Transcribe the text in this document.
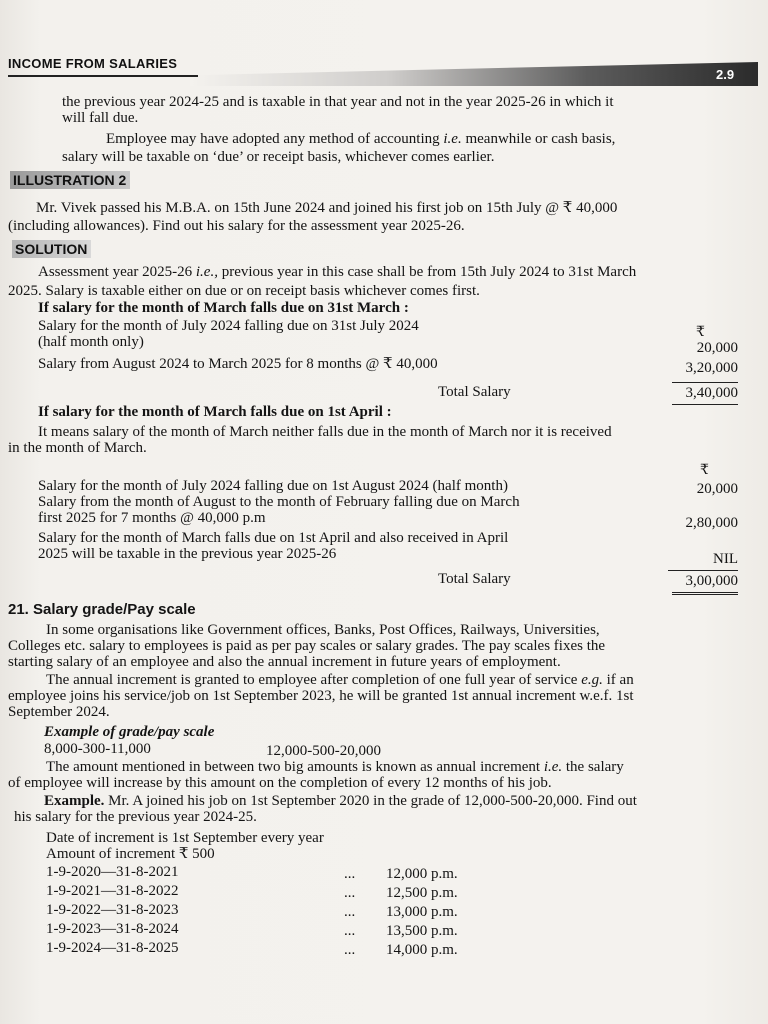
INCOME FROM SALARIES
2.9
the previous year 2024-25 and is taxable in that year and not in the year 2025-26 in which it
will fall due.
Employee may have adopted any method of accounting i.e. meanwhile or cash basis,
salary will be taxable on ‘due’ or receipt basis, whichever comes earlier.
ILLUSTRATION 2
Mr. Vivek passed his M.B.A. on 15th June 2024 and joined his first job on 15th July @ ₹ 40,000
(including allowances). Find out his salary for the assessment year 2025-26.
SOLUTION
Assessment year 2025-26 i.e., previous year in this case shall be from 15th July 2024 to 31st March
2025. Salary is taxable either on due or on receipt basis whichever comes first.
If salary for the month of March falls due on 31st March :
Salary for the month of July 2024 falling due on 31st July 2024	₹
(half month only)	20,000
Salary from August 2024 to March 2025 for 8 months @ ₹ 40,000	3,20,000
Total Salary	3,40,000
If salary for the month of March falls due on 1st April :
It means salary of the month of March neither falls due in the month of March nor it is received
in the month of March.
₹
Salary for the month of July 2024 falling due on 1st August 2024 (half month)	20,000
Salary from the month of August to the month of February falling due on March
first 2025 for 7 months @ 40,000 p.m	2,80,000
Salary for the month of March falls due on 1st April and also received in April
2025 will be taxable in the previous year 2025-26	NIL
Total Salary	3,00,000
21. Salary grade/Pay scale
In some organisations like Government offices, Banks, Post Offices, Railways, Universities,
Colleges etc. salary to employees is paid as per pay scales or salary grades. The pay scales fixes the
starting salary of an employee and also the annual increment in future years of employment.
The annual increment is granted to employee after completion of one full year of service e.g. if an
employee joins his service/job on 1st September 2023, he will be granted 1st annual increment w.e.f. 1st
September 2024.
Example of grade/pay scale
8,000-300-11,000	12,000-500-20,000
The amount mentioned in between two big amounts is known as annual increment i.e. the salary
of employee will increase by this amount on the completion of every 12 months of his job.
Example. Mr. A joined his job on 1st September 2020 in the grade of 12,000-500-20,000. Find out
his salary for the previous year 2024-25.
Date of increment is 1st September every year
Amount of increment ₹ 500
1-9-2020—31-8-2021	... 12,000 p.m.
1-9-2021—31-8-2022	... 12,500 p.m.
1-9-2022—31-8-2023	... 13,000 p.m.
1-9-2023—31-8-2024	... 13,500 p.m.
1-9-2024—31-8-2025	... 14,000 p.m.
